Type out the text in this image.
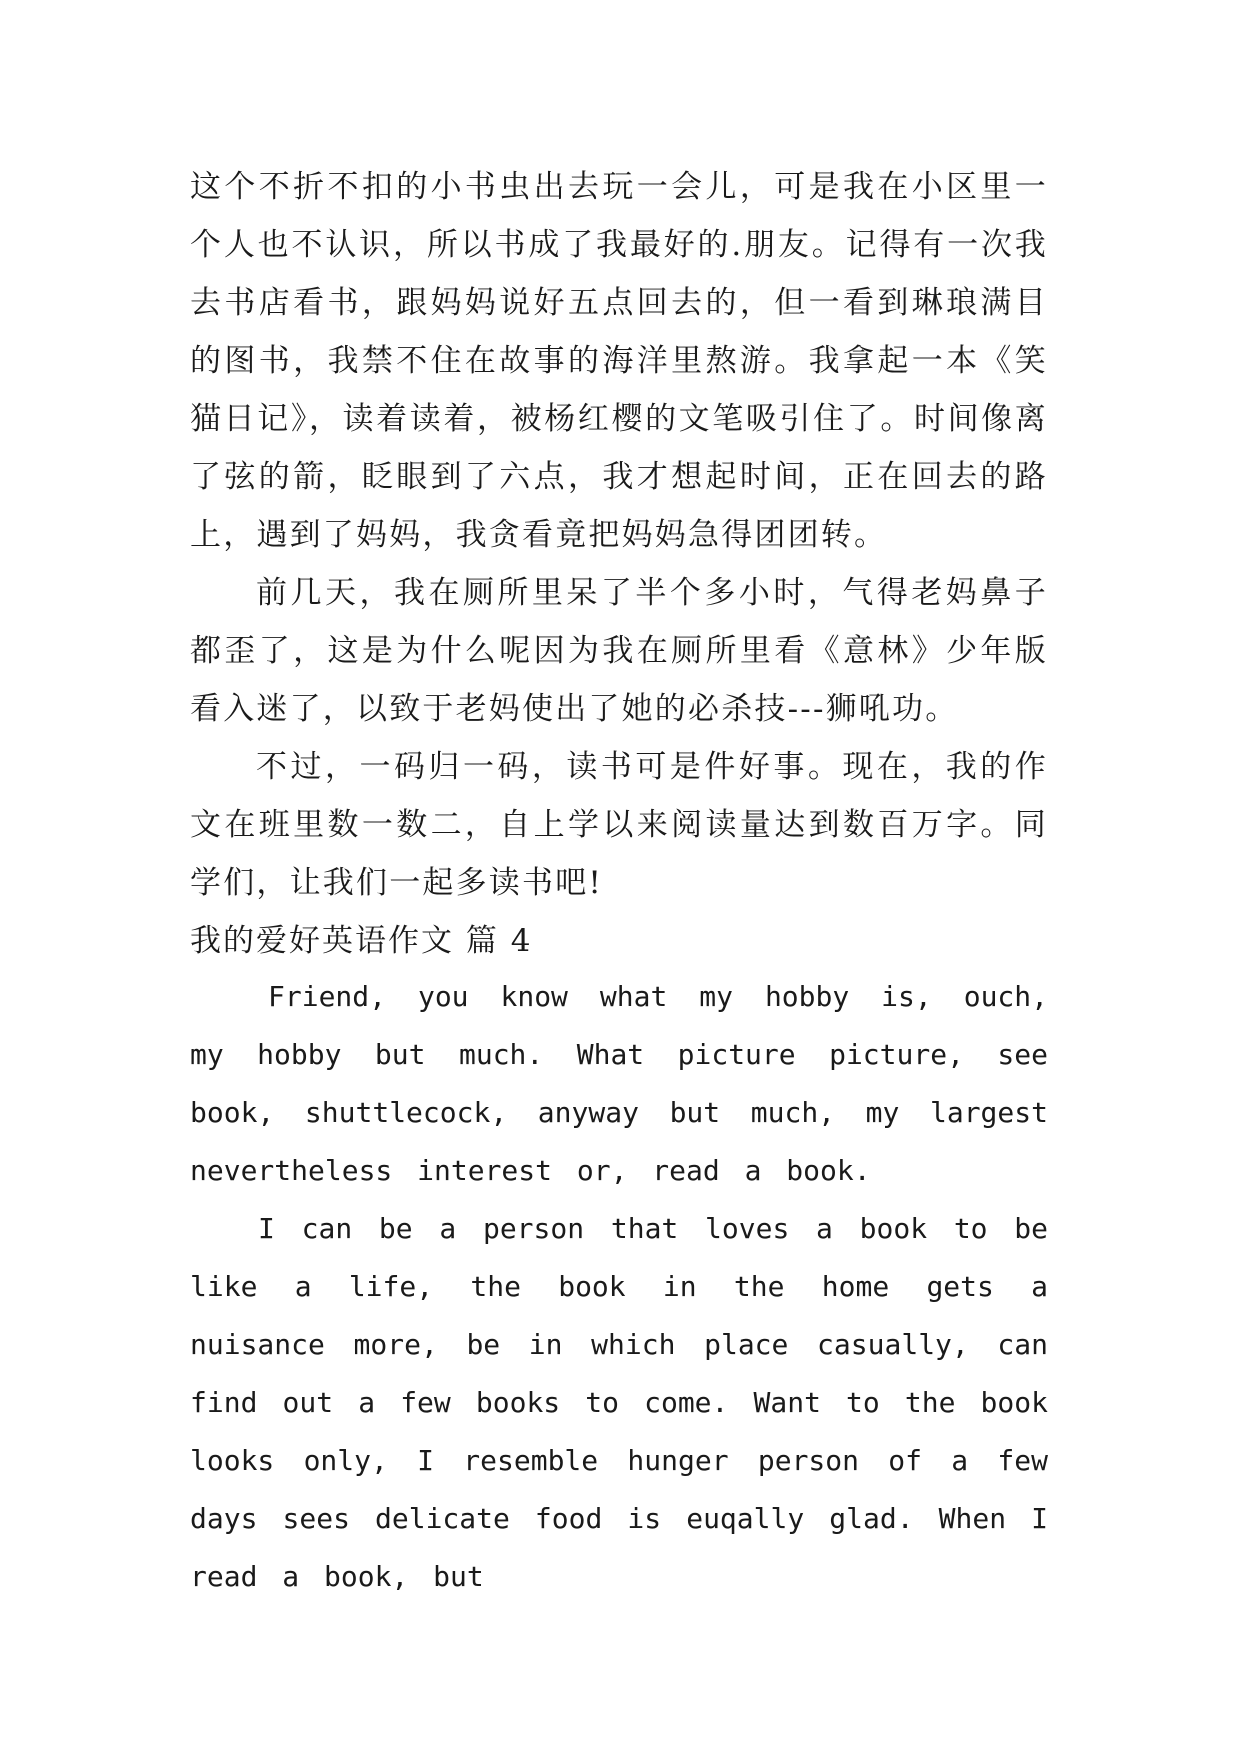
这个不折不扣的小书虫出去玩一会儿，可是我在小区里一个人也不认识，所以书成了我最好的.朋友。记得有一次我去书店看书，跟妈妈说好五点回去的，但一看到琳琅满目的图书，我禁不住在故事的海洋里熬游。我拿起一本《笑猫日记》，读着读着，被杨红樱的文笔吸引住了。时间像离了弦的箭，眨眼到了六点，我才想起时间，正在回去的路上，遇到了妈妈，我贪看竟把妈妈急得团团转。

前几天，我在厕所里呆了半个多小时，气得老妈鼻子都歪了，这是为什么呢因为我在厕所里看《意林》少年版看入迷了，以致于老妈使出了她的必杀技---狮吼功。

不过，一码归一码，读书可是件好事。现在，我的作文在班里数一数二，自上学以来阅读量达到数百万字。同学们，让我们一起多读书吧!

我的爱好英语作文 篇 4

Friend, you know what my hobby is, ouch, my hobby but much. What picture picture, see book, shuttlecock, anyway but much, my largest nevertheless interest or, read a book.

I can be a person that loves a book to be like a life, the book in the home gets a nuisance more, be in which place casually, can find out a few books to come. Want to the book looks only, I resemble hunger person of a few days sees delicate food is euqally glad. When I read a book, but
